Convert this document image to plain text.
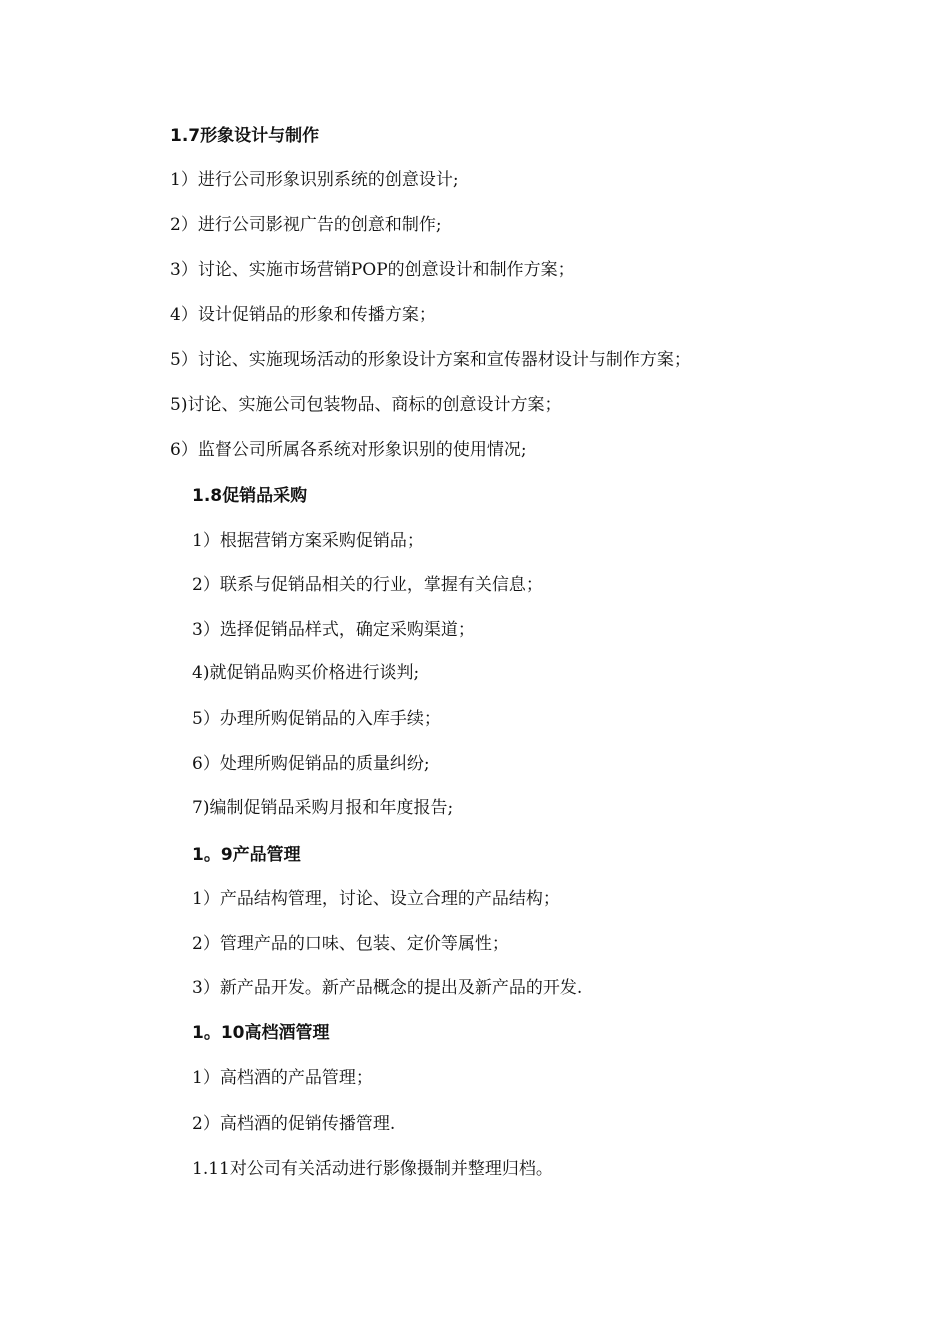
1.7形象设计与制作
1）进行公司形象识别系统的创意设计;
2）进行公司影视广告的创意和制作;
3）讨论、实施市场营销POP的创意设计和制作方案；
4）设计促销品的形象和传播方案；
5）讨论、实施现场活动的形象设计方案和宣传器材设计与制作方案；
5)讨论、实施公司包装物品、商标的创意设计方案；
6）监督公司所属各系统对形象识别的使用情况;
1.8促销品采购
1）根据营销方案采购促销品；
2）联系与促销品相关的行业，掌握有关信息；
3）选择促销品样式，确定采购渠道；
4)就促销品购买价格进行谈判;
5）办理所购促销品的入库手续；
6）处理所购促销品的质量纠纷;
7)编制促销品采购月报和年度报告;
1。9产品管理
1）产品结构管理，讨论、设立合理的产品结构；
2）管理产品的口味、包装、定价等属性；
3）新产品开发。新产品概念的提出及新产品的开发.
1。10高档酒管理
1）高档酒的产品管理；
2）高档酒的促销传播管理.
1.11对公司有关活动进行影像摄制并整理归档。
